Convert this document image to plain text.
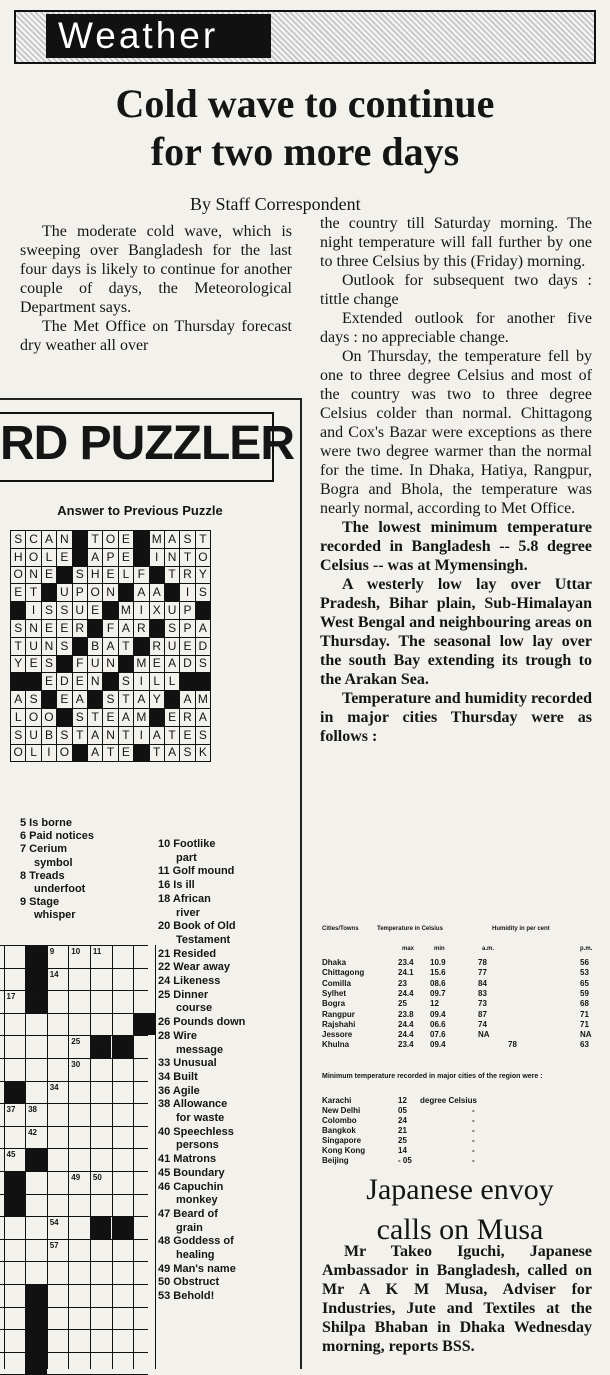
Weather
Cold wave to continue
for two more days
By Staff Correspondent

The moderate cold wave, which is sweeping over Bangladesh for the last four days is likely to continue for another couple of days, the Meteorological Department says.

The Met Office on Thursday forecast dry weather all over

the country till Saturday morning. The night temperature will fall further by one to three Celsius by this (Friday) morning.

Outlook for subsequent two days : tittle change

Extended outlook for another five days : no appreciable change.

On Thursday, the temperature fell by one to three degree Celsius and most of the country was two to three degree Celsius colder than normal. Chittagong and Cox's Bazar were exceptions as there were two degree warmer than the normal for the time. In Dhaka, Hatiya, Rangpur, Bogra and Bhola, the temperature was nearly normal, according to Met Office.

The lowest minimum temperature recorded in Bangladesh -- 5.8 degree Celsius -- was at Mymensingh.

A westerly low lay over Uttar Pradesh, Bihar plain, Sub-Himalayan West Bengal and neighbouring areas on Thursday. The seasonal low lay over the south Bay extending its trough to the Arakan Sea.

Temperature and humidity recorded in major cities Thursday were as follows :

RD PUZZLER
Answer to Previous Puzzle
S	C	A	N		T	O	E		M	A	S	T
H	O	L	E		A	P	E		I	N	T	O
O	N	E		S	H	E	L	F		T	R	Y
E	T		U	P	O	N		A	A		I	S
	I	S	S	U	E		M	I	X	U	P	
S	N	E	E	R		F	A	R		S	P	A
T	U	N	S		B	A	T		R	U	E	D
Y	E	S		F	U	N		M	E	A	D	S
		E	D	E	N		S	I	L	L		
A	S		E	A		S	T	A	Y		A	M
L	O	O		S	T	E	A	M		E	R	A
S	U	B	S	T	A	N	T	I	A	T	E	S
O	L	I	O		A	T	E		T	A	S	K
5 Is borne
6 Paid notices
7 Cerium
symbol
8 Treads
underfoot
9 Stage
whisper
10 Footlike
part
11 Golf mound
16 Is ill
18 African
river
20 Book of Old
Testament
21 Resided
22 Wear away
24 Likeness
25 Dinner
course
26 Pounds down
28 Wire
message
33 Unusual
34 Built
36 Agile
38 Allowance
for waste
40 Speechless
persons
41 Matrons
45 Boundary
46 Capuchin
monkey
47 Beard of
grain
48 Goddess of
healing
49 Man's name
50 Obstruct
53 Behold!
9 10 11
14
17 18
25 26
30
34
37 38
42
45
49 50
54
57
Cities/Towns	Temperature in Celsius	Humidity in per cent
max	min	a.m.	p.m.
Dhaka	23.4 10.9	78	56
Chittagong	24.1 15.6	77	53
Comilla	23	08.6	84	65
Sylhet	24.4 09.7	83	59
Bogra	25	12	73	68
Rangpur	23.8 09.4	87	71
Rajshahi	24.4 06.6	74	71
Jessore	24.4 07.6	NA	NA
Khulna	23.4 09.4	78	63
Minimum temperature recorded in major cities of the region were :
Karachi	12 degree Celsius
New Delhi	05	-
Colombo	24	-
Bangkok	21	-
Singapore	25	-
Kong Kong	14	-
Beijing	- 05	-
Japanese envoy
calls on Musa

Mr Takeo Iguchi, Japanese Ambassador in Bangladesh, called on Mr A K M Musa, Adviser for Industries, Jute and Textiles at the Shilpa Bhaban in Dhaka Wednesday morning, reports BSS.
